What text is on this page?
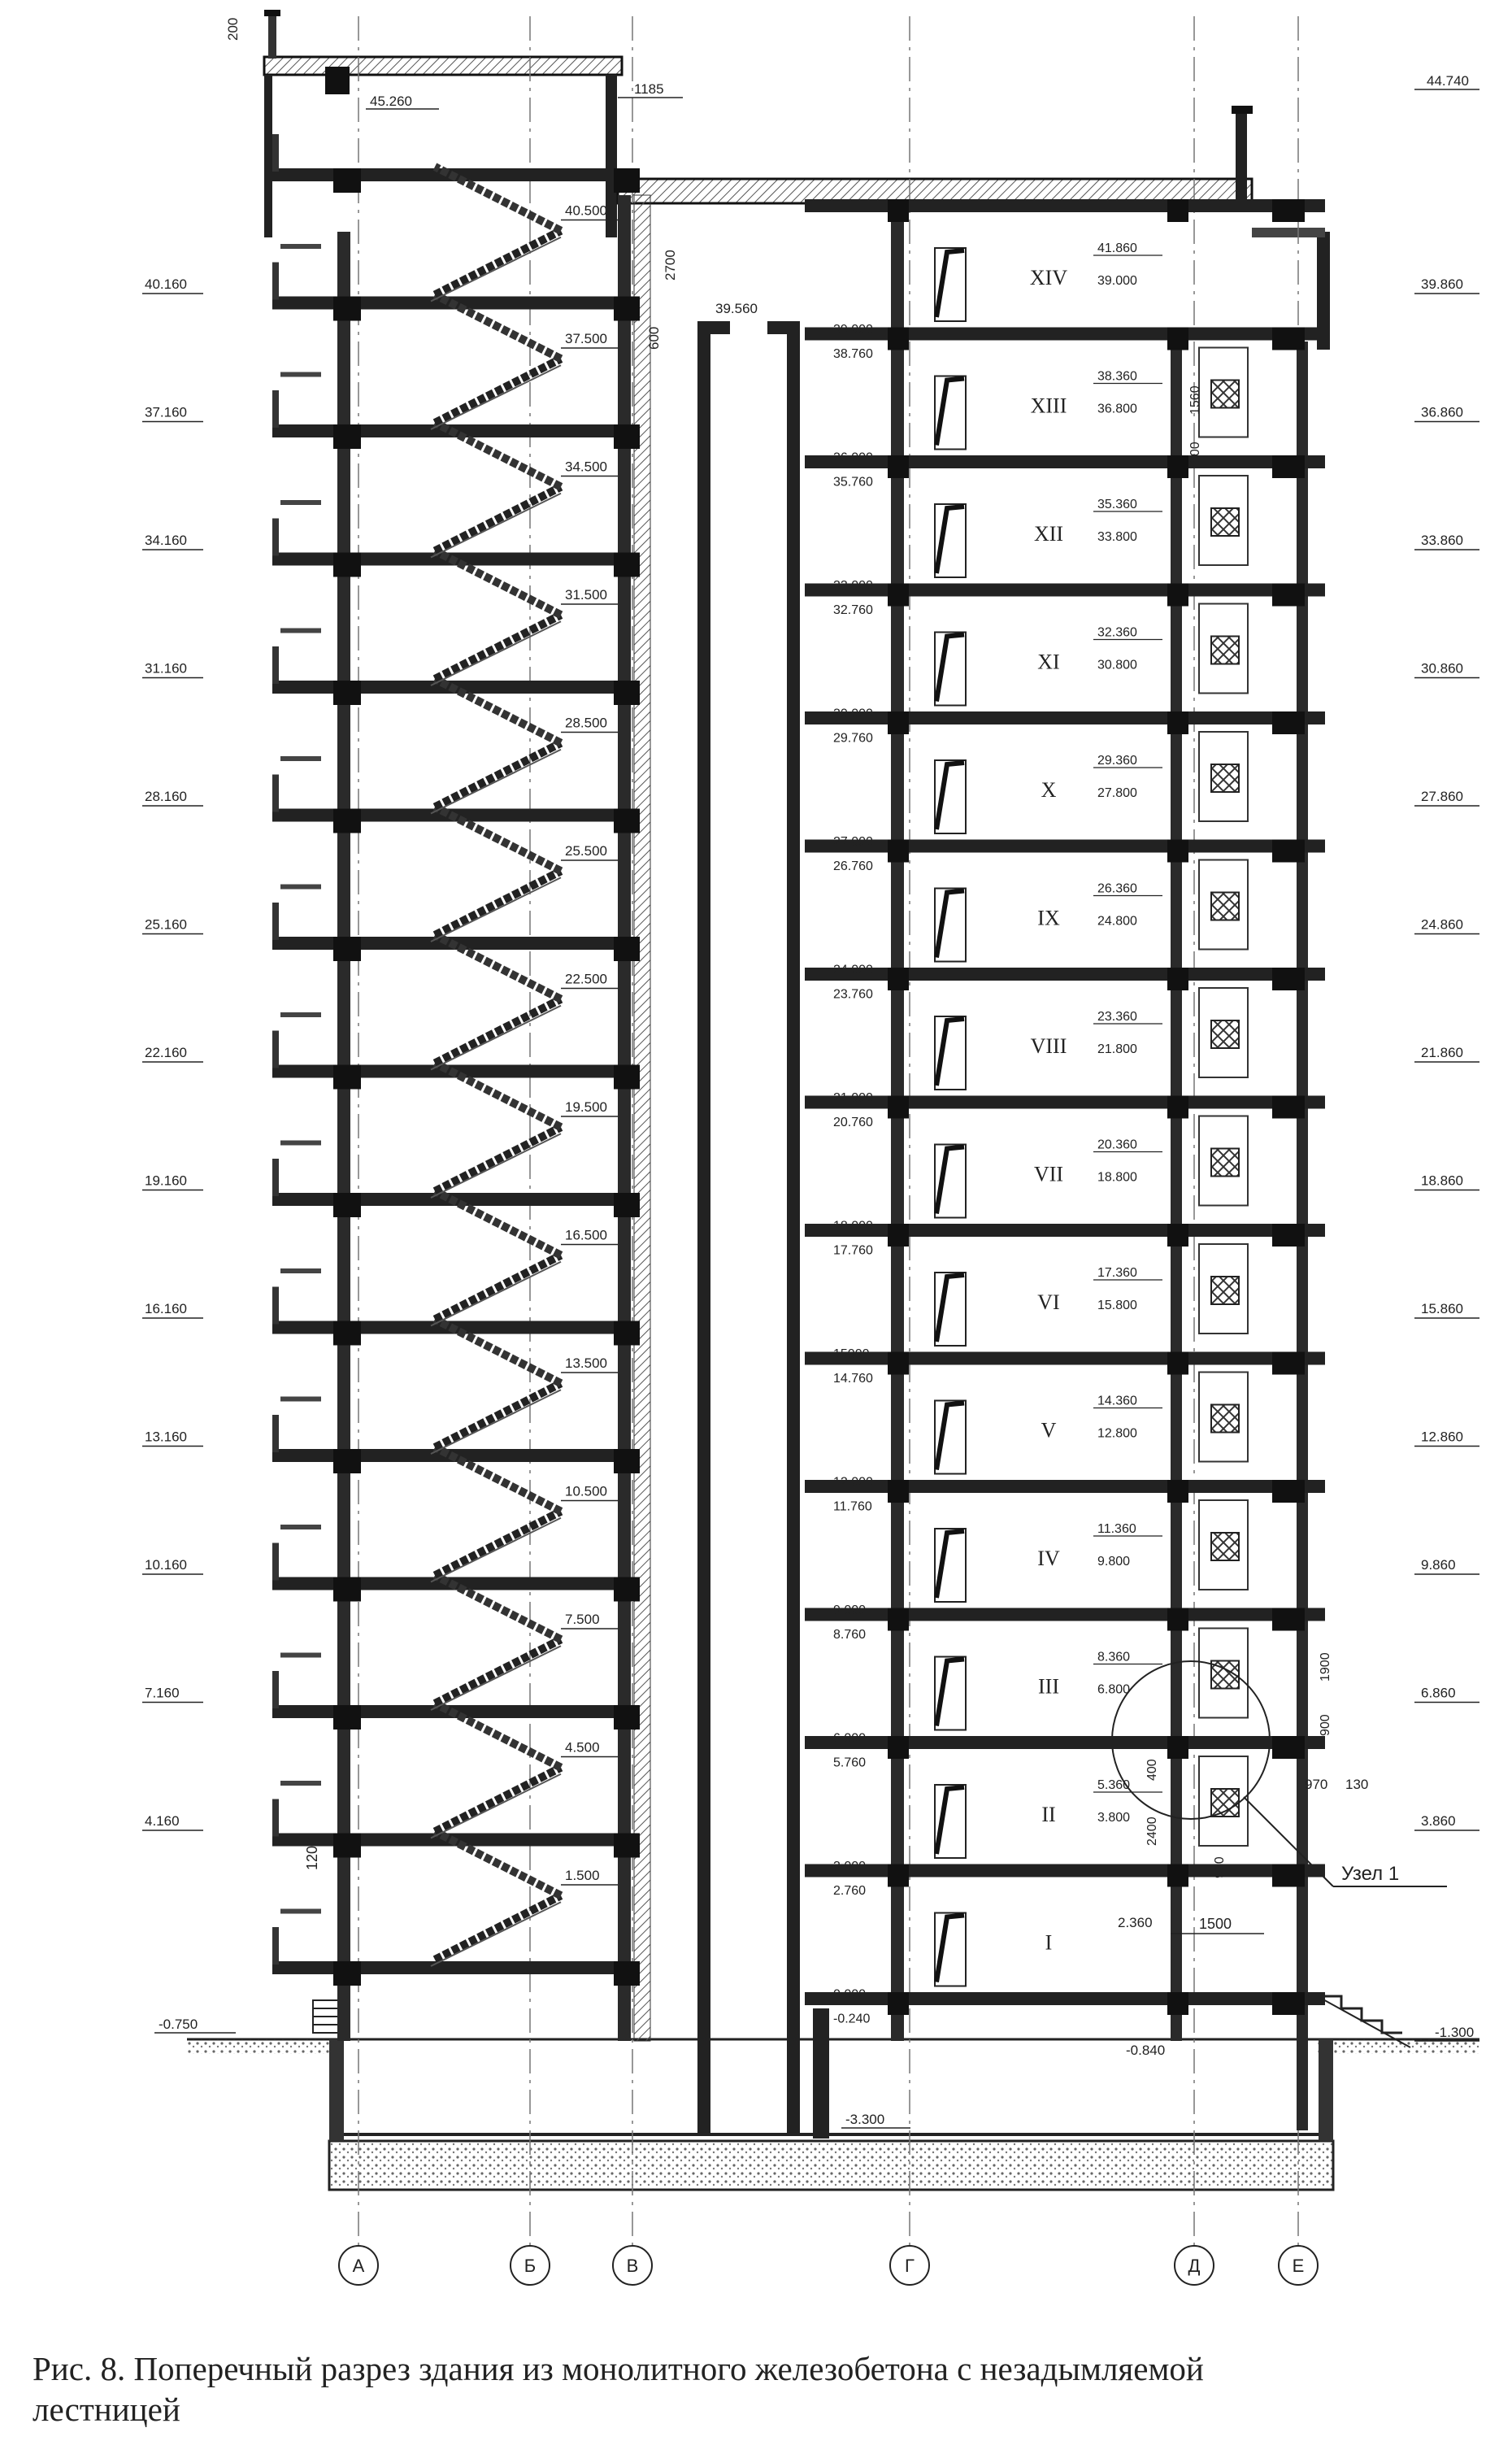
40.500
37.500
34.500
31.500
28.500
25.500
22.500
19.500
16.500
13.500
10.500
7.500
4.500
1.500
40.160
37.160
34.160
31.160
28.160
25.160
22.160
19.160
16.160
13.160
10.160
7.160
4.160
39.860
36.860
33.860
30.860
27.860
24.860
21.860
18.860
15.860
12.860
9.860
6.860
3.860
39.000
38.760
36.000
35.760
33.000
32.760
30.000
29.760
27.000
26.760
24.000
23.760
21.000
20.760
18.000
17.760
15000
14.760
12.000
11.760
9.000
8.760
6.000
5.760
3.000
2.760
0.000
-0.240
XIV
41.860
39.000
XIII
38.360
36.800
XII
35.360
33.800
XI
32.360
30.800
X
29.360
27.800
IX
26.360
24.800
VIII
23.360
21.800
VII
20.360
18.800
VI
17.360
15.800
V
14.360
12.800
IV
11.360
9.800
III
8.360
6.800
II
5.360
3.800
I
200
45.260
1185
44.740
39.560
600
2700
-0.750
-1.300
-3.300
-0.840
2.360	1500
1200
1560
800
1900
900
970 130
900
2400
400
Узел 1
А	Б	В	Г	Д	Е
Рис. 8. Поперечный разрез здания из монолитного железобетона с незадымляемой
лестницей
